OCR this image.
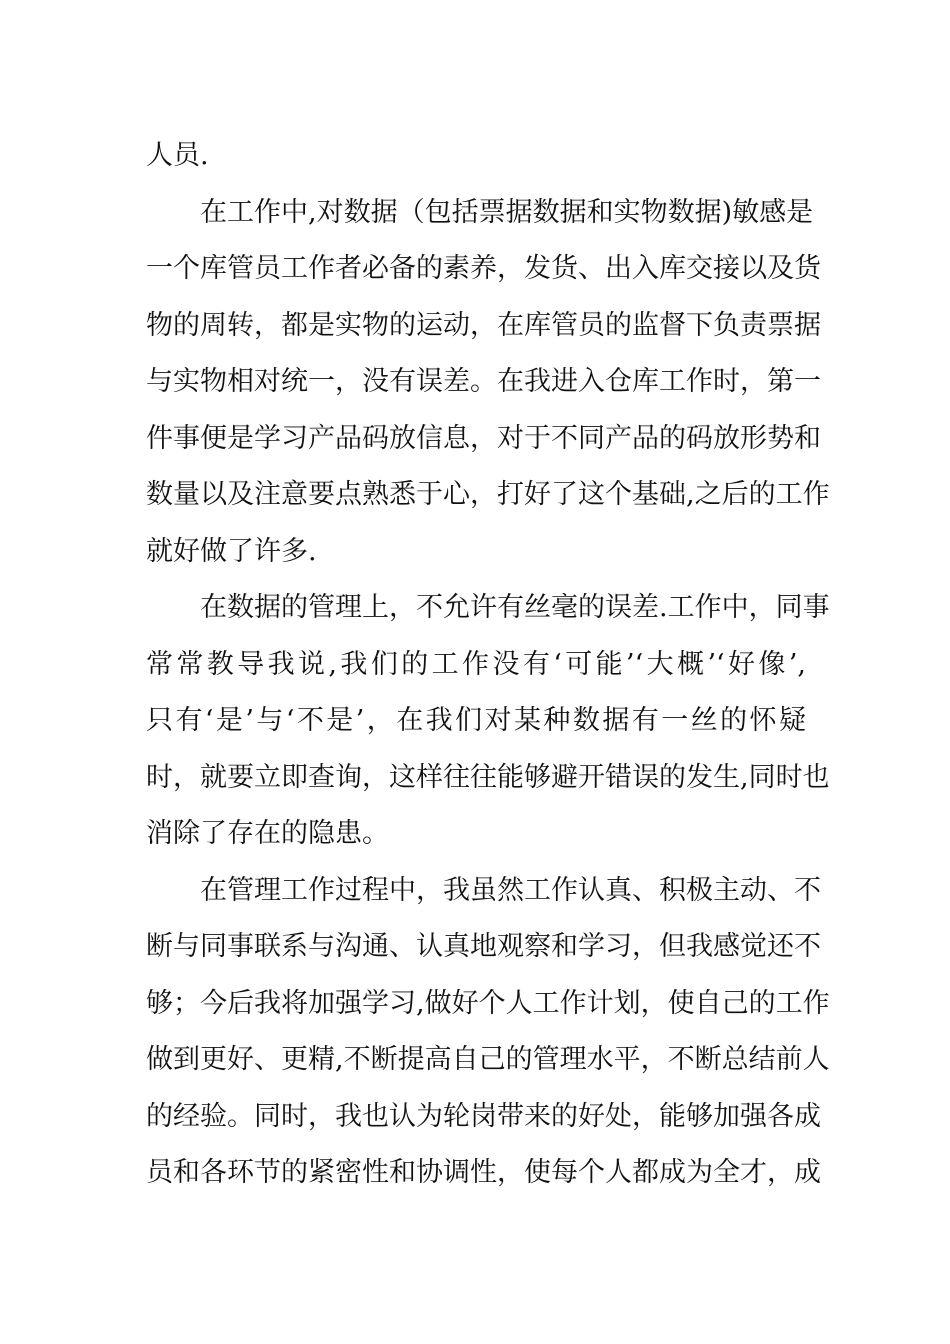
人员.
在工作中,对数据（包括票据数据和实物数据)敏感是
一个库管员工作者必备的素养，发货、出入库交接以及货
物的周转，都是实物的运动，在库管员的监督下负责票据
与实物相对统一，没有误差。在我进入仓库工作时，第一
件事便是学习产品码放信息，对于不同产品的码放形势和
数量以及注意要点熟悉于心，打好了这个基础,之后的工作
就好做了许多.
在数据的管理上，不允许有丝毫的误差.工作中，同事
常常教导我说,我们的工作没有‘可能’‘大概’‘好像’,
只有‘是’与‘不是’，在我们对某种数据有一丝的怀疑
时，就要立即查询，这样往往能够避开错误的发生,同时也
消除了存在的隐患。
在管理工作过程中，我虽然工作认真、积极主动、不
断与同事联系与沟通、认真地观察和学习，但我感觉还不
够；今后我将加强学习,做好个人工作计划，使自己的工作
做到更好、更精,不断提高自己的管理水平，不断总结前人
的经验。同时，我也认为轮岗带来的好处，能够加强各成
员和各环节的紧密性和协调性，使每个人都成为全才，成
